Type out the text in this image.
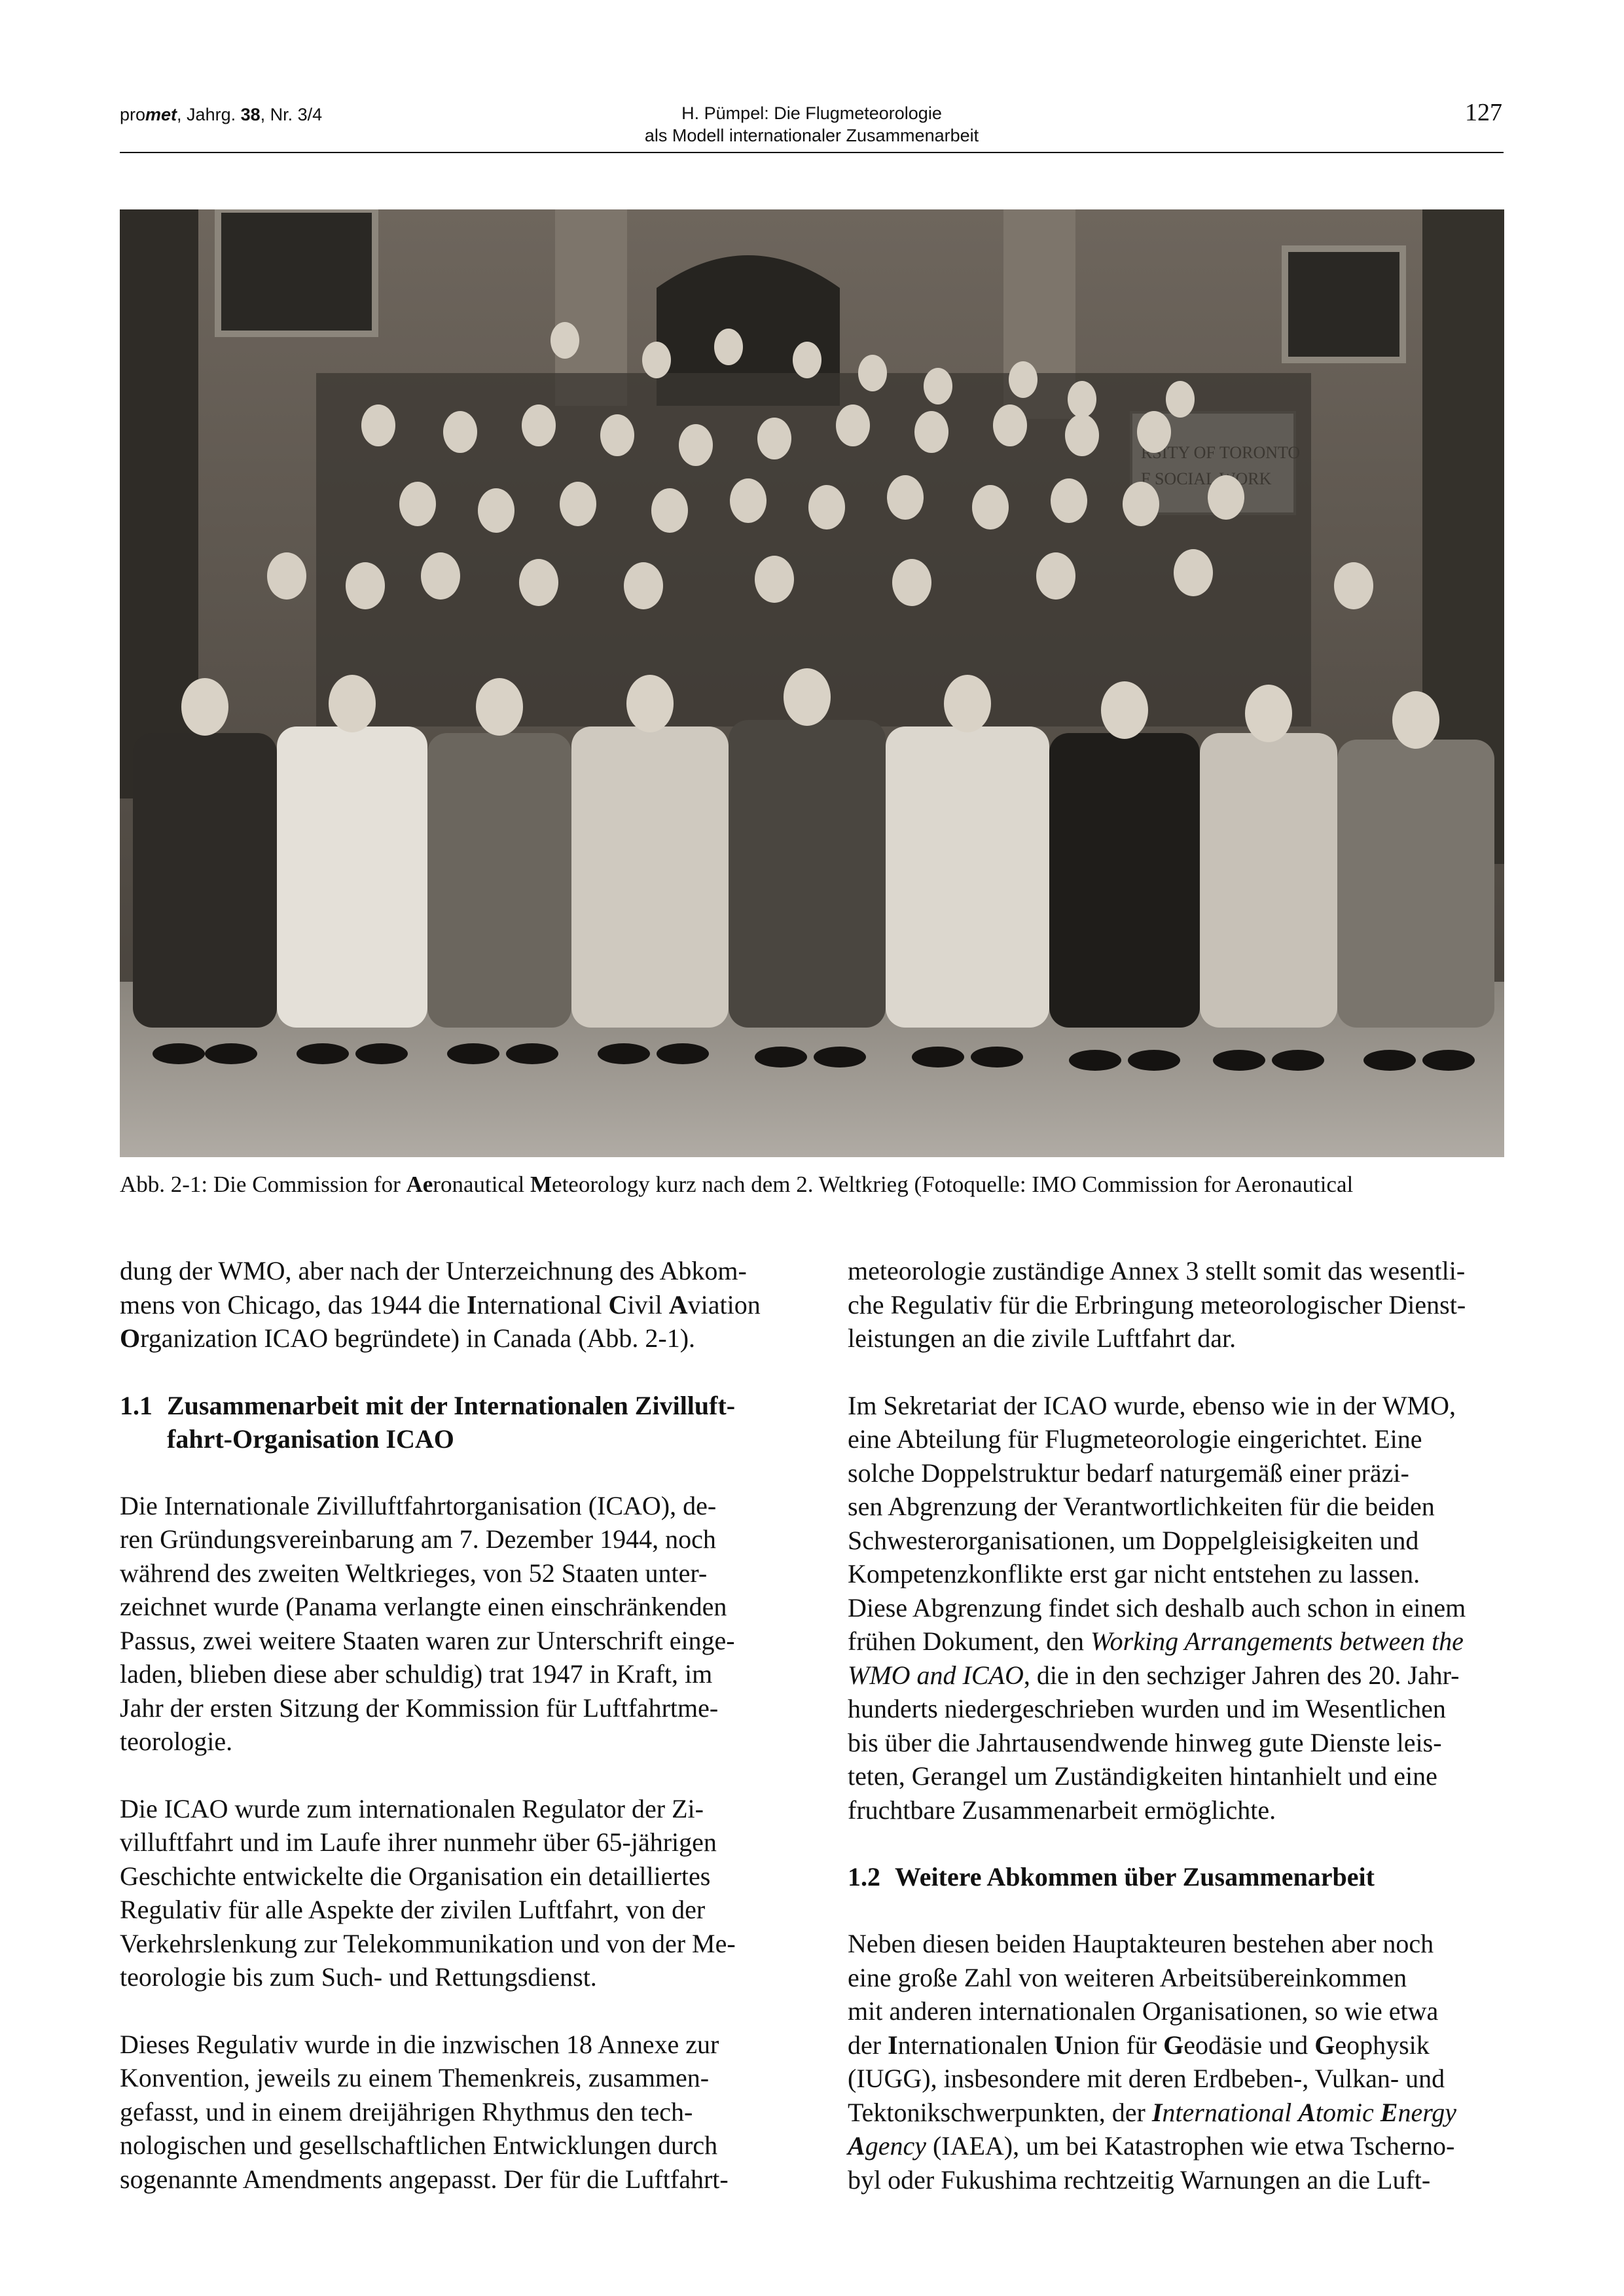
promet, Jahrg. 38, Nr. 3/4	H. Pümpel: Die Flugmeteorologie
als Modell internationaler Zusammenarbeit
127
Abb. 2-1: Die Commission for Aeronautical Meteorology kurz nach dem 2. Weltkrieg (Fotoquelle: IMO Commission for Aeronautical

dung der WMO, aber nach der Unterzeichnung des Abkom-
mens von Chicago, das 1944 die International Civil Aviation
Organization ICAO begründete) in Canada (Abb. 2-1).

1.1 Zusammenarbeit mit der Internationalen Zivilluft-
fahrt-Organisation ICAO

Die Internationale Zivilluftfahrtorganisation (ICAO), de-
ren Gründungsvereinbarung am 7. Dezember 1944, noch
während des zweiten Weltkrieges, von 52 Staaten unter-
zeichnet wurde (Panama verlangte einen einschränkenden
Passus, zwei weitere Staaten waren zur Unterschrift einge-
laden, blieben diese aber schuldig) trat 1947 in Kraft, im
Jahr der ersten Sitzung der Kommission für Luftfahrtme-
teorologie.

Die ICAO wurde zum internationalen Regulator der Zi-
villuftfahrt und im Laufe ihrer nunmehr über 65-jährigen
Geschichte entwickelte die Organisation ein detailliertes
Regulativ für alle Aspekte der zivilen Luftfahrt, von der
Verkehrslenkung zur Telekommunikation und von der Me-
teorologie bis zum Such- und Rettungsdienst.

Dieses Regulativ wurde in die inzwischen 18 Annexe zur
Konvention, jeweils zu einem Themenkreis, zusammen-
gefasst, und in einem dreijährigen Rhythmus den tech-
nologischen und gesellschaftlichen Entwicklungen durch
sogenannte Amendments angepasst. Der für die Luftfahrt-

meteorologie zuständige Annex 3 stellt somit das wesentli-
che Regulativ für die Erbringung meteorologischer Dienst-
leistungen an die zivile Luftfahrt dar.

Im Sekretariat der ICAO wurde, ebenso wie in der WMO,
eine Abteilung für Flugmeteorologie eingerichtet. Eine
solche Doppelstruktur bedarf naturgemäß einer präzi-
sen Abgrenzung der Verantwortlichkeiten für die beiden
Schwesterorganisationen, um Doppelgleisigkeiten und
Kompetenzkonflikte erst gar nicht entstehen zu lassen.
Diese Abgrenzung findet sich deshalb auch schon in einem
frühen Dokument, den Working Arrangements between the
WMO and ICAO, die in den sechziger Jahren des 20. Jahr-
hunderts niedergeschrieben wurden und im Wesentlichen
bis über die Jahrtausendwende hinweg gute Dienste leis-
teten, Gerangel um Zuständigkeiten hintanhielt und eine
fruchtbare Zusammenarbeit ermöglichte.

1.2 Weitere Abkommen über Zusammenarbeit

Neben diesen beiden Hauptakteuren bestehen aber noch
eine große Zahl von weiteren Arbeitsübereinkommen
mit anderen internationalen Organisationen, so wie etwa
der Internationalen Union für Geodäsie und Geophysik
(IUGG), insbesondere mit deren Erdbeben-, Vulkan- und
Tektonikschwerpunkten, der International Atomic Energy
Agency (IAEA), um bei Katastrophen wie etwa Tscherno-
byl oder Fukushima rechtzeitig Warnungen an die Luft-
